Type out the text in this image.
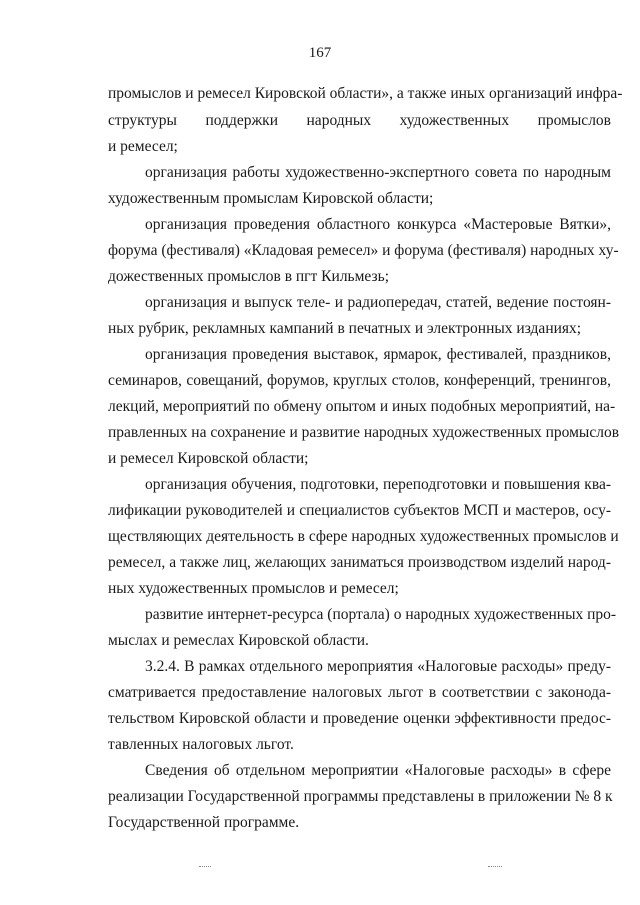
167
промыслов и ремесел Кировской области», а также иных организаций инфра-
структуры поддержки народных художественных промыслов
и ремесел;
организация работы художественно-экспертного совета по народным
художественным промыслам Кировской области;
организация проведения областного конкурса «Мастеровые Вятки»,
форума (фестиваля) «Кладовая ремесел» и форума (фестиваля) народных ху-
дожественных промыслов в пгт Кильмезь;
организация и выпуск теле- и радиопередач, статей, ведение постоян-
ных рубрик, рекламных кампаний в печатных и электронных изданиях;
организация проведения выставок, ярмарок, фестивалей, праздников,
семинаров, совещаний, форумов, круглых столов, конференций, тренингов,
лекций, мероприятий по обмену опытом и иных подобных мероприятий, на-
правленных на сохранение и развитие народных художественных промыслов
и ремесел Кировской области;
организация обучения, подготовки, переподготовки и повышения ква-
лификации руководителей и специалистов субъектов МСП и мастеров, осу-
ществляющих деятельность в сфере народных художественных промыслов и
ремесел, а также лиц, желающих заниматься производством изделий народ-
ных художественных промыслов и ремесел;
развитие интернет-ресурса (портала) о народных художественных про-
мыслах и ремеслах Кировской области.
3.2.4. В рамках отдельного мероприятия «Налоговые расходы» преду-
сматривается предоставление налоговых льгот в соответствии с законода-
тельством Кировской области и проведение оценки эффективности предос-
тавленных налоговых льгот.
Сведения об отдельном мероприятии «Налоговые расходы» в сфере
реализации Государственной программы представлены в приложении № 8 к
Государственной программе.
